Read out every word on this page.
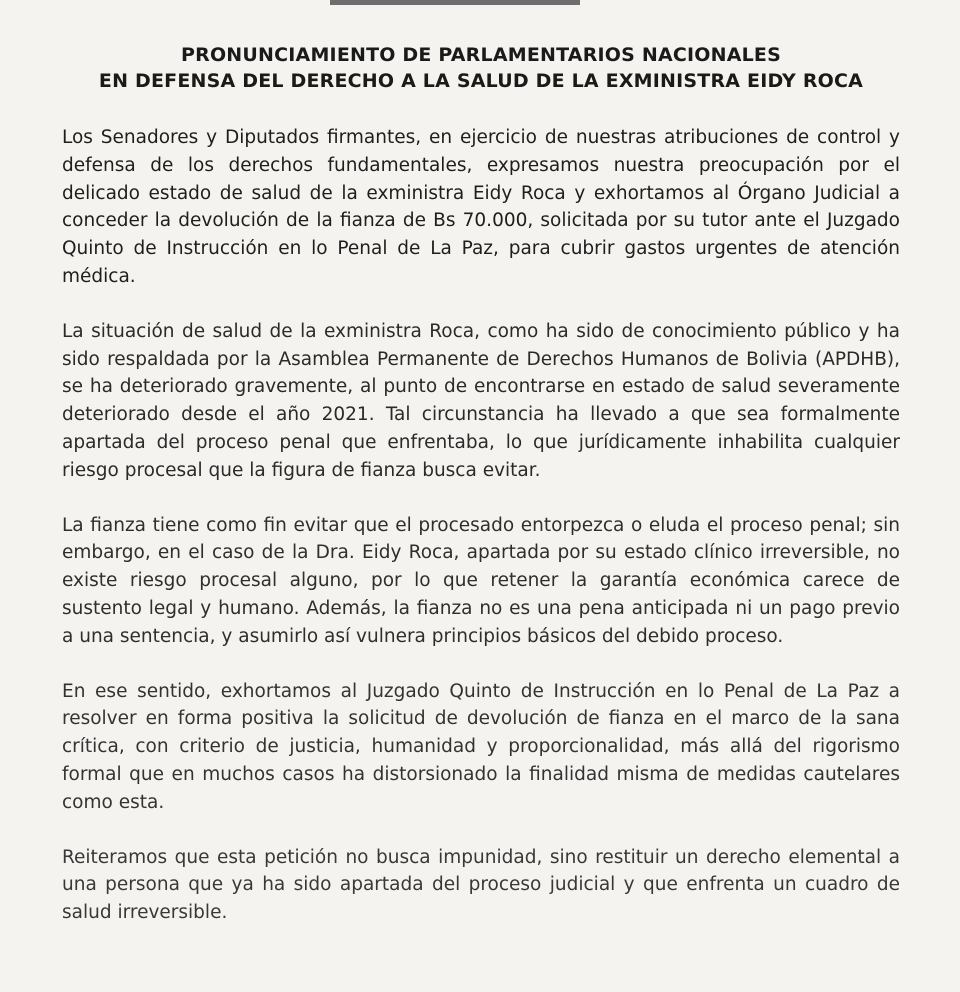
PRONUNCIAMIENTO DE PARLAMENTARIOS NACIONALES
EN DEFENSA DEL DERECHO A LA SALUD DE LA EXMINISTRA EIDY ROCA

Los Senadores y Diputados firmantes, en ejercicio de nuestras atribuciones de control y defensa de los derechos fundamentales, expresamos nuestra preocupación por el delicado estado de salud de la exministra Eidy Roca y exhortamos al Órgano Judicial a conceder la devolución de la fianza de Bs 70.000, solicitada por su tutor ante el Juzgado Quinto de Instrucción en lo Penal de La Paz, para cubrir gastos urgentes de atención médica.

La situación de salud de la exministra Roca, como ha sido de conocimiento público y ha sido respaldada por la Asamblea Permanente de Derechos Humanos de Bolivia (APDHB), se ha deteriorado gravemente, al punto de encontrarse en estado de salud severamente deteriorado desde el año 2021. Tal circunstancia ha llevado a que sea formalmente apartada del proceso penal que enfrentaba, lo que jurídicamente inhabilita cualquier riesgo procesal que la figura de fianza busca evitar.

La fianza tiene como fin evitar que el procesado entorpezca o eluda el proceso penal; sin embargo, en el caso de la Dra. Eidy Roca, apartada por su estado clínico irreversible, no existe riesgo procesal alguno, por lo que retener la garantía económica carece de sustento legal y humano. Además, la fianza no es una pena anticipada ni un pago previo a una sentencia, y asumirlo así vulnera principios básicos del debido proceso.

En ese sentido, exhortamos al Juzgado Quinto de Instrucción en lo Penal de La Paz a resolver en forma positiva la solicitud de devolución de fianza en el marco de la sana crítica, con criterio de justicia, humanidad y proporcionalidad, más allá del rigorismo formal que en muchos casos ha distorsionado la finalidad misma de medidas cautelares como esta.

Reiteramos que esta petición no busca impunidad, sino restituir un derecho elemental a una persona que ya ha sido apartada del proceso judicial y que enfrenta un cuadro de salud irreversible.
